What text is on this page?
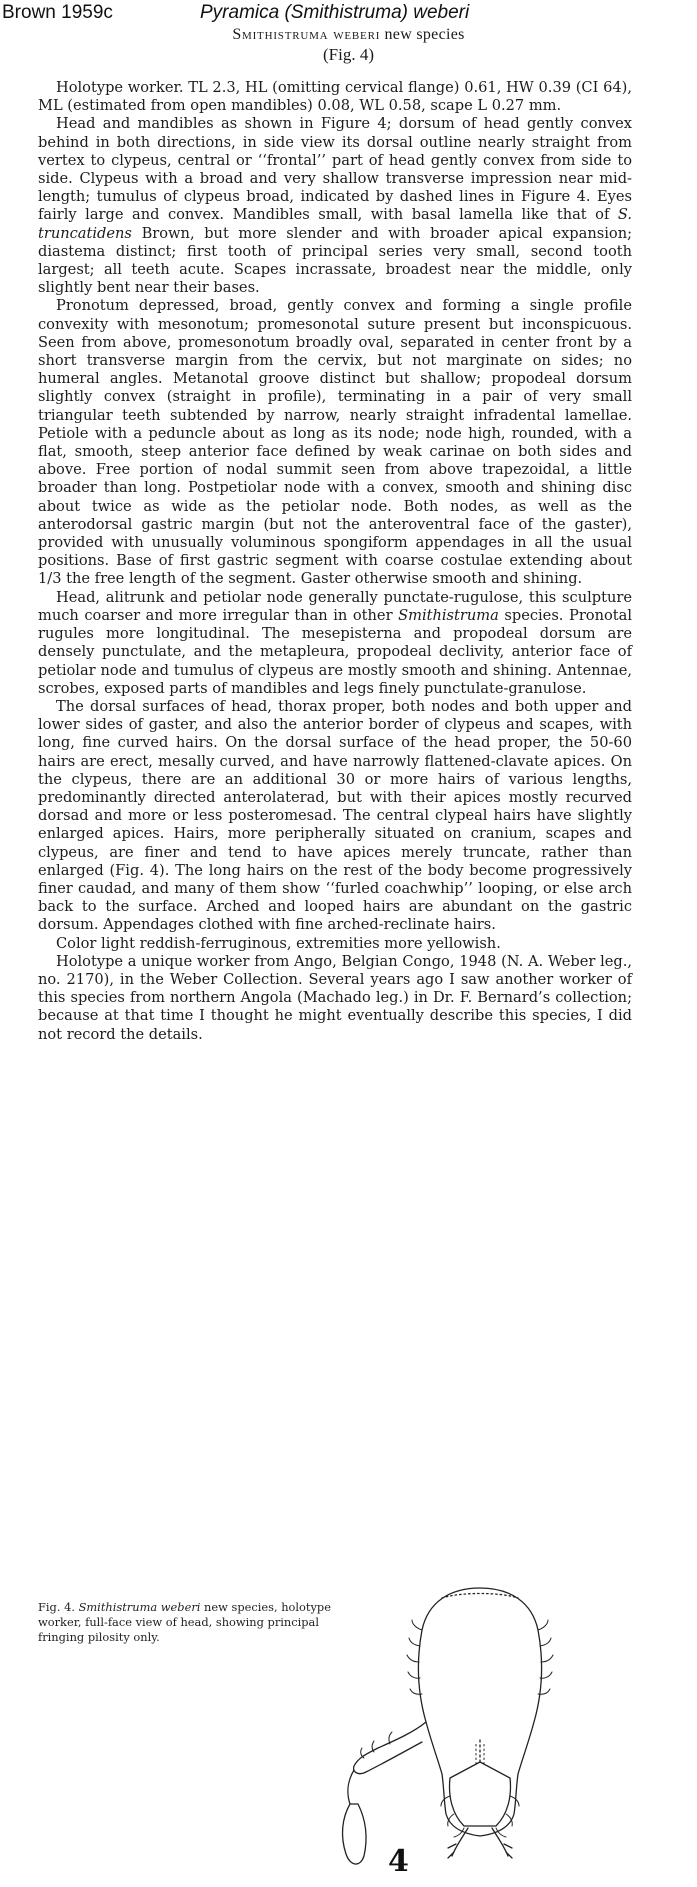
Brown 1959c	Pyramica (Smithistruma) weberi
Smithistruma weberi new species
(Fig. 4)

Holotype worker. TL 2.3, HL (omitting cervical flange) 0.61, HW 0.39 (CI 64), ML (estimated from open mandibles) 0.08, WL 0.58, scape L 0.27 mm.

Head and mandibles as shown in Figure 4; dorsum of head gently convex behind in both directions, in side view its dorsal outline nearly straight from vertex to clypeus, central or ‘‘frontal’’ part of head gently convex from side to side. Clypeus with a broad and very shallow transverse impression near mid-length; tumulus of clypeus broad, indicated by dashed lines in Figure 4. Eyes fairly large and convex. Mandibles small, with basal lamella like that of S. truncatidens Brown, but more slender and with broader apical expansion; diastema distinct; first tooth of principal series very small, second tooth largest; all teeth acute. Scapes incrassate, broadest near the middle, only slightly bent near their bases.

Pronotum depressed, broad, gently convex and forming a single profile convexity with mesonotum; promesonotal suture present but inconspicuous. Seen from above, promesonotum broadly oval, separated in center front by a short transverse margin from the cervix, but not marginate on sides; no humeral angles. Metanotal groove distinct but shallow; propodeal dorsum slightly convex (straight in profile), terminating in a pair of very small triangular teeth subtended by narrow, nearly straight infradental lamellae. Petiole with a peduncle about as long as its node; node high, rounded, with a flat, smooth, steep anterior face defined by weak carinae on both sides and above. Free portion of nodal summit seen from above trapezoidal, a little broader than long. Postpetiolar node with a convex, smooth and shining disc about twice as wide as the petiolar node. Both nodes, as well as the anterodorsal gastric margin (but not the anteroventral face of the gaster), provided with unusually voluminous spongiform appendages in all the usual positions. Base of first gastric segment with coarse costulae extending about 1/3 the free length of the segment. Gaster otherwise smooth and shining.

Head, alitrunk and petiolar node generally punctate-rugulose, this sculpture much coarser and more irregular than in other Smithistruma species. Pronotal rugules more longitudinal. The mesepisterna and propodeal dorsum are densely punctulate, and the metapleura, propodeal declivity, anterior face of petiolar node and tumulus of clypeus are mostly smooth and shining. Antennae, scrobes, exposed parts of mandibles and legs finely punctulate-granulose.

The dorsal surfaces of head, thorax proper, both nodes and both upper and lower sides of gaster, and also the anterior border of clypeus and scapes, with long, fine curved hairs. On the dorsal surface of the head proper, the 50-60 hairs are erect, mesally curved, and have narrowly flattened-clavate apices. On the clypeus, there are an additional 30 or more hairs of various lengths, predominantly directed anterolaterad, but with their apices mostly recurved dorsad and more or less posteromesad. The central clypeal hairs have slightly enlarged apices. Hairs, more peripherally situated on cranium, scapes and clypeus, are finer and tend to have apices merely truncate, rather than enlarged (Fig. 4). The long hairs on the rest of the body become progressively finer caudad, and many of them show ‘‘furled coachwhip’’ looping, or else arch back to the surface. Arched and looped hairs are abundant on the gastric dorsum. Appendages clothed with fine arched-reclinate hairs.

Color light reddish-ferruginous, extremities more yellowish.

Holotype a unique worker from Ango, Belgian Congo, 1948 (N. A. Weber leg., no. 2170), in the Weber Collection. Several years ago I saw another worker of this species from northern Angola (Machado leg.) in Dr. F. Bernard’s collection; because at that time I thought he might eventually describe this species, I did not record the details.

Fig. 4. Smithistruma weberi new species, holotype worker, full-face view of head, showing principal fringing pilosity only.
4
